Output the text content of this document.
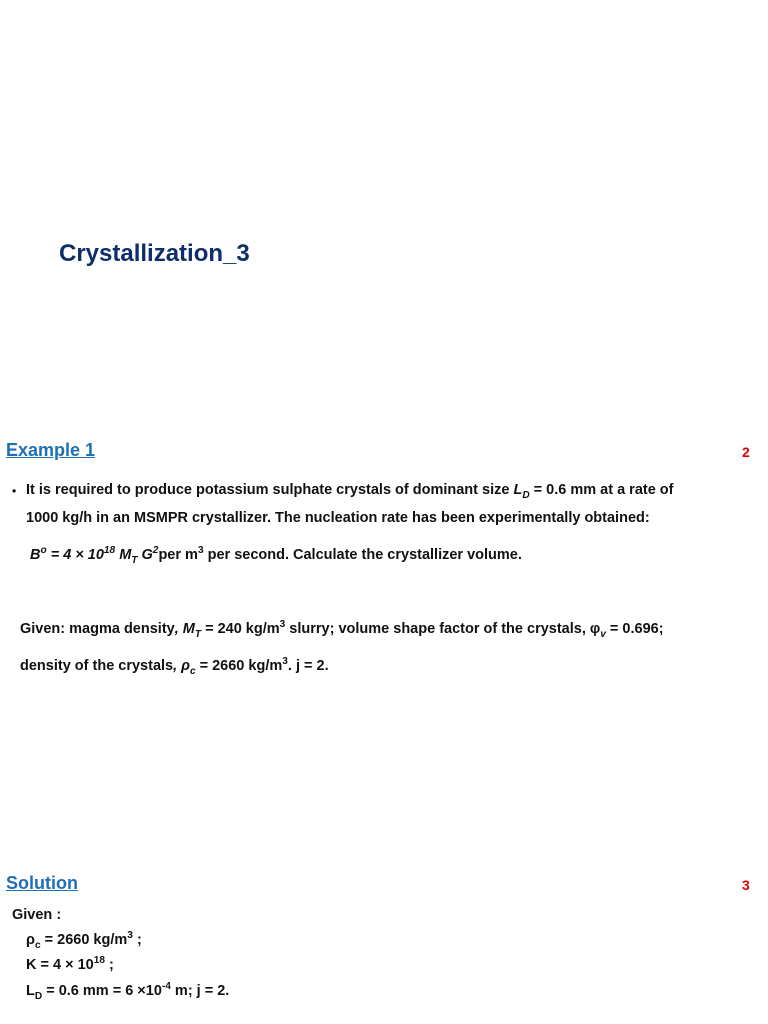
Crystallization_3
Example 1	2
• It is required to produce potassium sulphate crystals of dominant size $L_D = 0.6$ mm at a rate of
1000 kg/h in an MSMPR crystallizer. The nucleation rate has been experimentally obtained:
$B^o = 4 \times 10^{18}$ $M_T$ $G^2per$ $m^3$ per second. Calculate the crystallizer volume.
Given: magma density, $M_T = 240$ $kg/m^3$ slurry; volume shape factor of the crystals, $\varphi_v = 0.696$;
density of the crystals, $\rho_c = 2660$ $kg/m^3$. j = 2.
Solution	3
Given :
$\rho_c = 2660$ $kg/m^3$ ;
$K = 4 \times 10^{18}$ ;
$L_D = 0.6$ mm = $6 \times 10^{-4}$ m; j = 2.
